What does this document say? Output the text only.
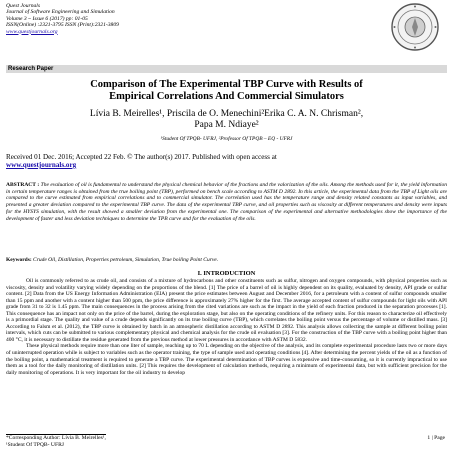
Quest Journals
Journal of Software Engineering and Simulation
Volume 3 ~ Issue 6 (2017) pp: 01-05
ISSN(Online) :2321-3795 ISSN (Print):2321-3809
www.questjournals.org
Research Paper
Comparison of The Experimental TBP Curve with Results of
Empirical Correlations And Commercial Simulators
Lívia B. Meirelles¹, Priscila de O. Menechini²Erika C. A. N. Chrisman²,
Papa M. Ndiaye²
¹Student Of TPQB- UFRJ, ²Professor Of TPQB – EQ - UFRJ
Received 01 Dec. 2016; Accepted 22 Feb. © The author(s) 2017. Published with open access at
www.questjournals.org
ABSTRACT : The evaluation of oil is fundamental to understand the physical chemical behavior of the fractions and the valorization of the oils. Among the methods used for it, the yield information in certain temperature ranges is obtained from the true boiling point (TBP), performed on bench scale according to ASTM D 2892. In this article, the experimental data from the TBP of Light oils are compared to the curve estimated from empirical correlations and to commercial simulator. The correlation used has the temperature range and density related constants as input variables, and presented a greater deviation compared to the experimental TBP curve. The data of the experimental TBP curve, and oil properties such as viscosity at different temperatures and density were inputs for the HYSYS simulation, with the result showed a smaller deviation from the experimental one. The comparison of the experimental and alternative methodologies show the importance of the development of faster and less deviation techniques to determine the TPB curve and for the evaluation of the oils.
Keywords: Crude Oil, Distillation, Properties petroleum, Simulation, True boiling Point Curve.
I. INTRODUCTION

Oil is commonly referred to as crude oil, and consists of a mixture of hydrocarbons and other constituents such as sulfur, nitrogen and oxygen compounds, with physical properties such as viscosity, density and volatility varying widely depending on the proportions of the blend. [1] The price of a barrel of oil is highly dependent on its quality, evaluated by density, API grade or sulfur content. [2] Data from the US Energy Information Administration (EIA) present the price estimates between August and December 2016, for a petroleum with a content of sulfur compounds smaller than 15 ppm and another with a content higher than 500 ppm, the price difference is approximately 27% higher for the first. The average accepted content of sulfur compounds for light oils with API grade from 31 to 32 is 1.45 ppm. The main consequences in the process arising from the cited variations are such as the impact in the yield of each fraction produced in the separation processes [1]. This consequence has an impact not only on the price of the barrel, during the exploration stage, but also on the operating conditions of the refinery units. For this reason to characterize oil effectively is a primordial stage. The quality and value of a crude depends significantly on its true boiling curve (TBP), which correlates the boiling point versus the percentage of volume or distilled mass. [3] According to Falsm et al. (2012), the TBP curve is obtained by batch in an atmospheric distillation according to ASTM D 2892. This analysis allows collecting the sample at different boiling point intervals, which cuts can be submitted to various complementary physical and chemical analysis for the crude oil evaluation [3]. For the construction of the TBP curve with a boiling point higher than 400 °C, it is necessary to distillate the residue generated from the previous method at lower pressures in accordance with ASTM D 5832.

These physical methods require more than one liter of sample, reaching up to 70 L depending on the objective of the analysis, and its complete experimental procedure lasts two or more days of uninterrupted operation while is subject to variables such as the operator training, the type of sample used and operating conditions [4]. After determining the percent yields of the oil as a function of the boiling point, a mathematical treatment is required to generate a TBP curve. The experimental determination of TBP curves is expensive and time-consuming, so it is currently impractical to use them as a tool for the daily monitoring of distillation units. [2] This requires the development of calculation methods, requiring a minimum of experimental data, but with sufficient precision for the daily monitoring of operations. It is very important for the oil industry to develop

*Corresponding Author: Lívia B. Meirelles¹,
¹Student Of TPQB- UFRJ
1 | Page
